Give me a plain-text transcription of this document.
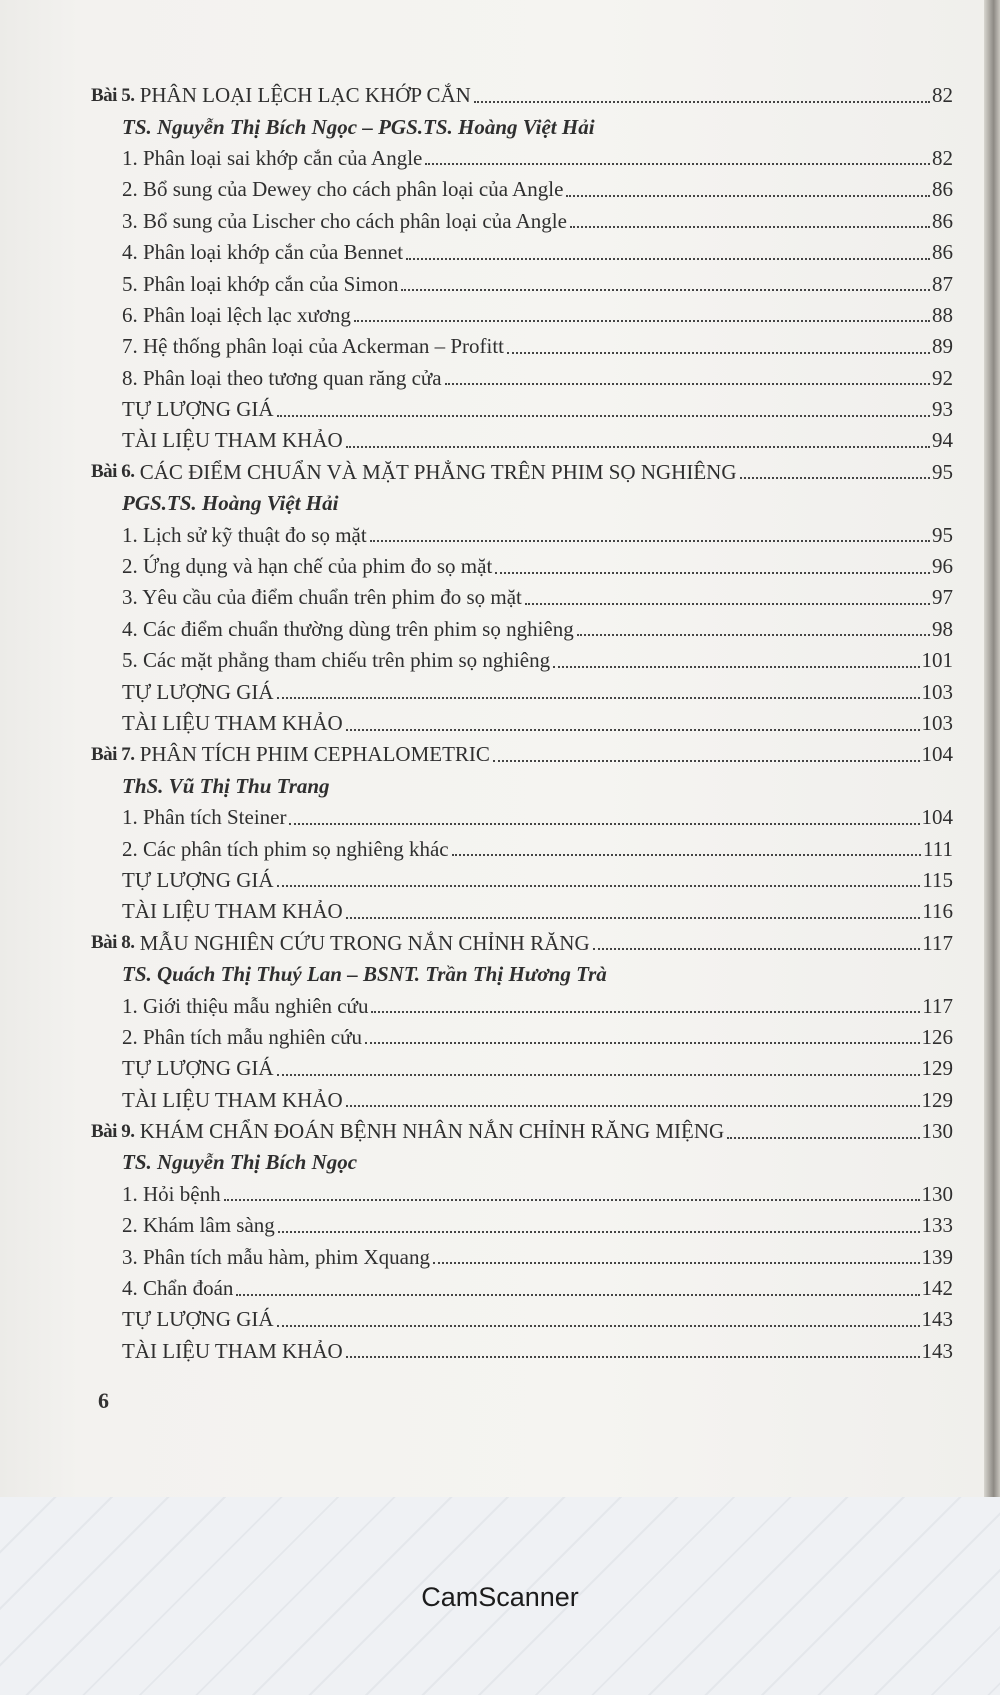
Bài 5.
PHÂN LOẠI LỆCH LẠC KHỚP CẮN	82
TS. Nguyễn Thị Bích Ngọc – PGS.TS. Hoàng Việt Hải
1. Phân loại sai khớp cắn của Angle	82
2. Bổ sung của Dewey cho cách phân loại của Angle	86
3. Bổ sung của Lischer cho cách phân loại của Angle	86
4. Phân loại khớp cắn của Bennet	86
5. Phân loại khớp cắn của Simon	87
6. Phân loại lệch lạc xương	88
7. Hệ thống phân loại của Ackerman – Profitt	89
8. Phân loại theo tương quan răng cửa	92
TỰ LƯỢNG GIÁ	93
TÀI LIỆU THAM KHẢO	94
Bài 6.
CÁC ĐIỂM CHUẨN VÀ MẶT PHẲNG TRÊN PHIM SỌ NGHIÊNG	95
PGS.TS. Hoàng Việt Hải
1. Lịch sử kỹ thuật đo sọ mặt	95
2. Ứng dụng và hạn chế của phim đo sọ mặt	96
3. Yêu cầu của điểm chuẩn trên phim đo sọ mặt	97
4. Các điểm chuẩn thường dùng trên phim sọ nghiêng	98
5. Các mặt phẳng tham chiếu trên phim sọ nghiêng	101
TỰ LƯỢNG GIÁ	103
TÀI LIỆU THAM KHẢO	103
Bài 7.
PHÂN TÍCH PHIM CEPHALOMETRIC	104
ThS. Vũ Thị Thu Trang
1. Phân tích Steiner	104
2. Các phân tích phim sọ nghiêng khác	111
TỰ LƯỢNG GIÁ	115
TÀI LIỆU THAM KHẢO	116
Bài 8.
MẪU NGHIÊN CỨU TRONG NẮN CHỈNH RĂNG	117
TS. Quách Thị Thuý Lan – BSNT. Trần Thị Hương Trà
1. Giới thiệu mẫu nghiên cứu	117
2. Phân tích mẫu nghiên cứu	126
TỰ LƯỢNG GIÁ	129
TÀI LIỆU THAM KHẢO	129
Bài 9.
KHÁM CHẨN ĐOÁN BỆNH NHÂN NẮN CHỈNH RĂNG MIỆNG	130
TS. Nguyễn Thị Bích Ngọc
1. Hỏi bệnh	130
2. Khám lâm sàng	133
3. Phân tích mẫu hàm, phim Xquang	139
4. Chẩn đoán	142
TỰ LƯỢNG GIÁ	143
TÀI LIỆU THAM KHẢO	143
6
CamScanner
